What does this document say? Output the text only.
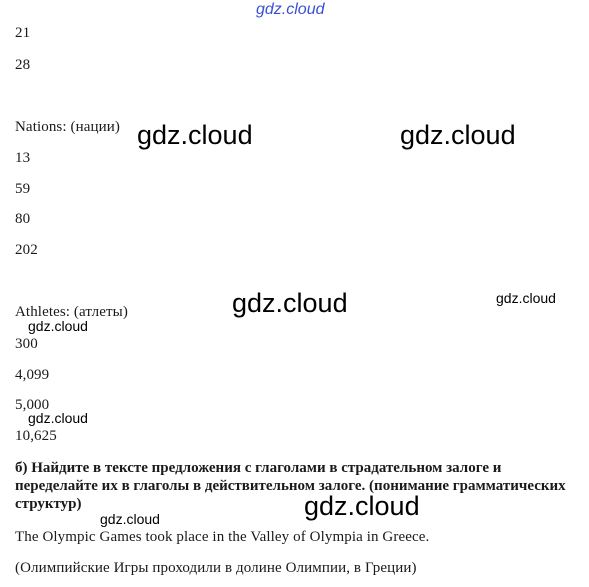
21
28
Nations: (нации)
13
59
80
202
Athletes: (атлеты)
300
4,099
5,000
10,625
б) Найдите в тексте предложения с глаголами в страдательном залоге и переделайте их в глаголы в действительном залоге. (понимание грамматических структур)
The Olympic Games took place in the Valley of Olympia in Greece.
(Олимпийские Игры проходили в долине Олимпии, в Греции)
gdz.cloud
gdz.cloud	gdz.cloud
gdz.cloud	gdz.cloud
gdz.cloud
gdz.cloud
gdz.cloud
gdz.cloud
